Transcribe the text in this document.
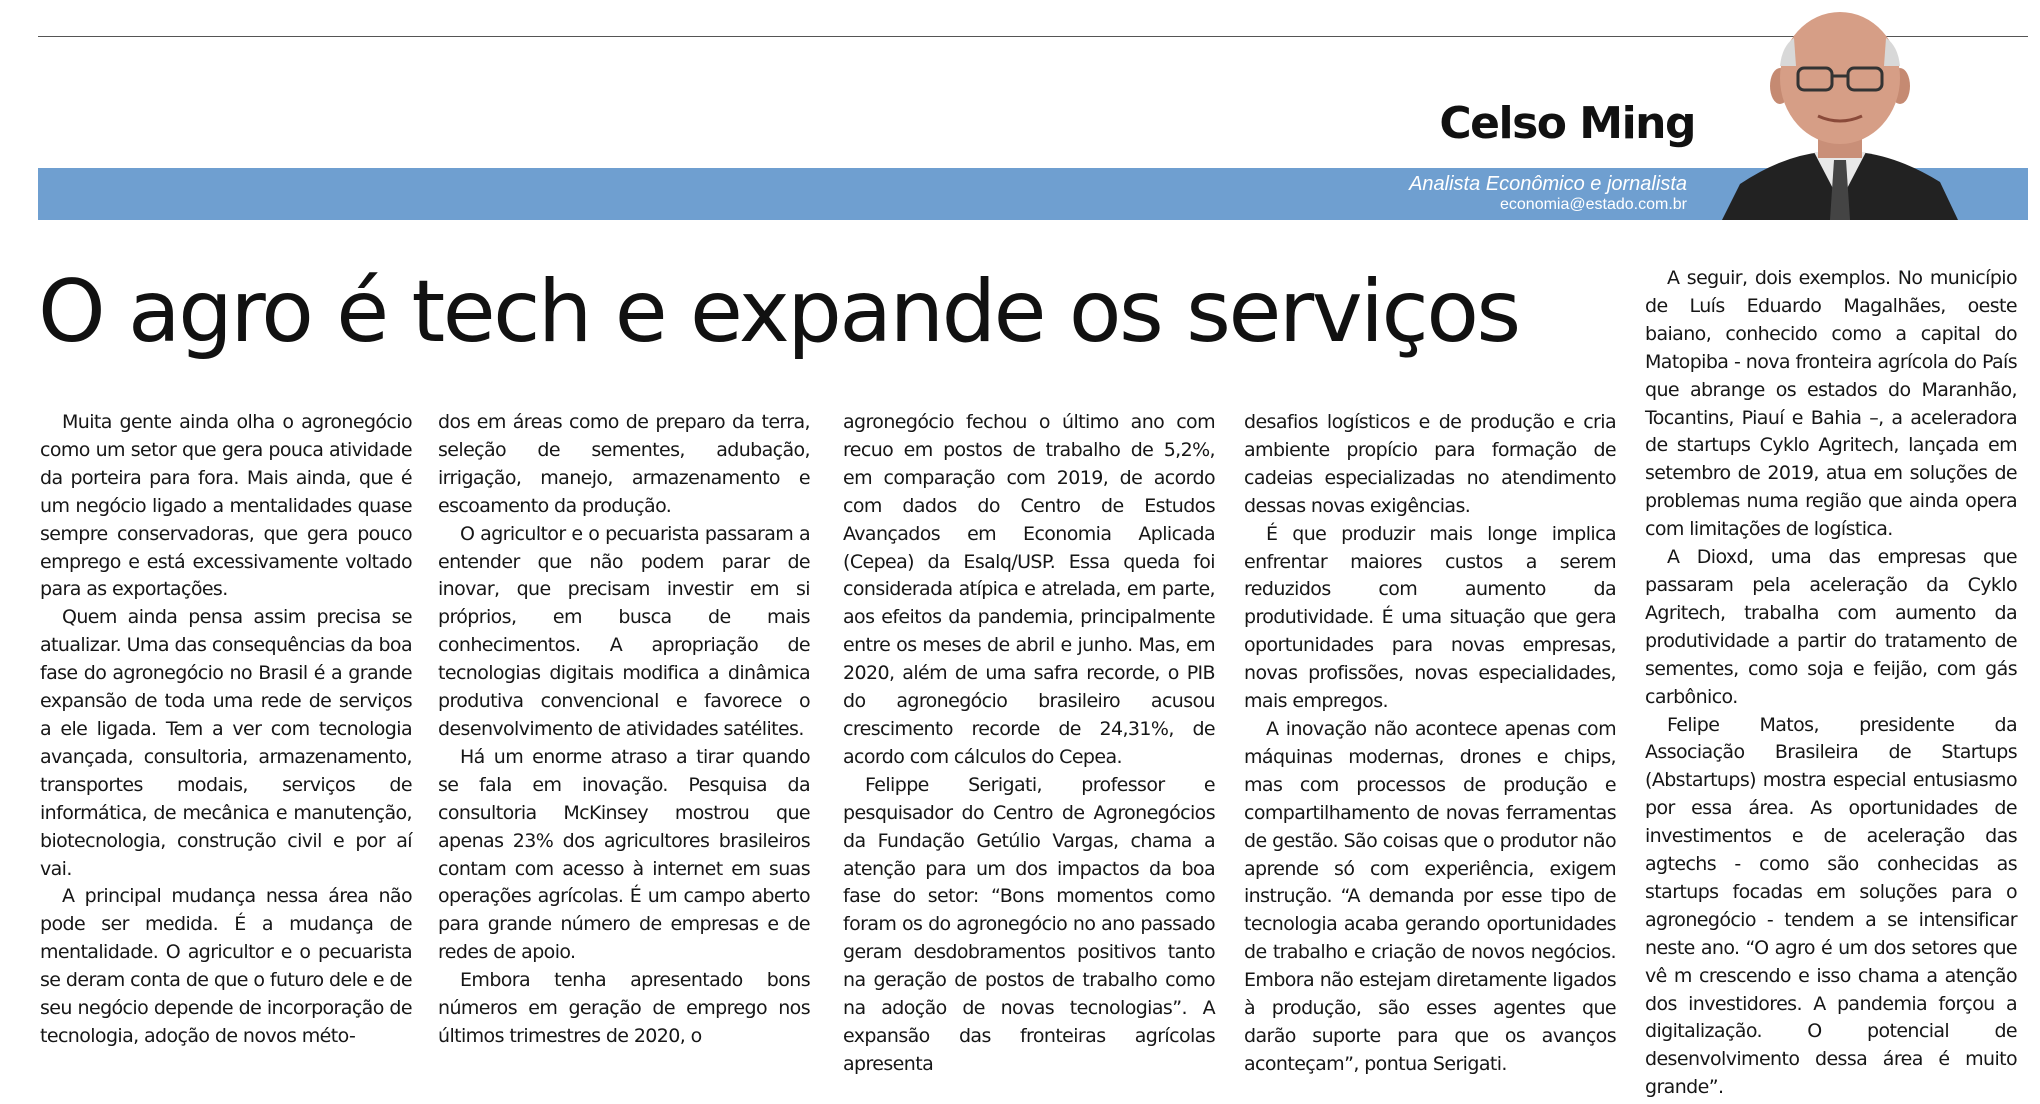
Celso Ming
Analista Econômico e jornalista
economia@estado.com.br
O agro é tech e expande os serviços

Muita gente ainda olha o agronegócio como um setor que gera pouca atividade da porteira para fora. Mais ainda, que é um negócio ligado a mentalidades quase sempre conservadoras, que gera pouco emprego e está excessivamente voltado para as exportações.

Quem ainda pensa assim precisa se atualizar. Uma das consequências da boa fase do agronegócio no Brasil é a grande expansão de toda uma rede de serviços a ele ligada. Tem a ver com tecnologia avançada, consultoria, armazenamento, transportes modais, serviços de informática, de mecânica e manutenção, biotecnologia, construção civil e por aí vai.

A principal mudança nessa área não pode ser medida. É a mudança de mentalidade. O agricultor e o pecuarista se deram conta de que o futuro dele e de seu negócio depende de incorporação de tecnologia, adoção de novos méto-

dos em áreas como de preparo da terra, seleção de sementes, adubação, irrigação, manejo, armazenamento e escoamento da produção.

O agricultor e o pecuarista passaram a entender que não podem parar de inovar, que precisam investir em si próprios, em busca de mais conhecimentos. A apropriação de tecnologias digitais modifica a dinâmica produtiva convencional e favorece o desenvolvimento de atividades satélites.

Há um enorme atraso a tirar quando se fala em inovação. Pesquisa da consultoria McKinsey mostrou que apenas 23% dos agricultores brasileiros contam com acesso à internet em suas operações agrícolas. É um campo aberto para grande número de empresas e de redes de apoio.

Embora tenha apresentado bons números em geração de emprego nos últimos trimestres de 2020, o

agronegócio fechou o último ano com recuo em postos de trabalho de 5,2%, em comparação com 2019, de acordo com dados do Centro de Estudos Avançados em Economia Aplicada (Cepea) da Esalq/USP. Essa queda foi considerada atípica e atrelada, em parte, aos efeitos da pandemia, principalmente entre os meses de abril e junho. Mas, em 2020, além de uma safra recorde, o PIB do agronegócio brasileiro acusou crescimento recorde de 24,31%, de acordo com cálculos do Cepea.

Felippe Serigati, professor e pesquisador do Centro de Agronegócios da Fundação Getúlio Vargas, chama a atenção para um dos impactos da boa fase do setor: “Bons momentos como foram os do agronegócio no ano passado geram desdobramentos positivos tanto na geração de postos de trabalho como na adoção de novas tecnologias”. A expansão das fronteiras agrícolas apresenta

desafios logísticos e de produção e cria ambiente propício para formação de cadeias especializadas no atendimento dessas novas exigências.

É que produzir mais longe implica enfrentar maiores custos a serem reduzidos com aumento da produtividade. É uma situação que gera oportunidades para novas empresas, novas profissões, novas especialidades, mais empregos.

A inovação não acontece apenas com máquinas modernas, drones e chips, mas com processos de produção e compartilhamento de novas ferramentas de gestão. São coisas que o produtor não aprende só com experiência, exigem instrução. “A demanda por esse tipo de tecnologia acaba gerando oportunidades de trabalho e criação de novos negócios. Embora não estejam diretamente ligados à produção, são esses agentes que darão suporte para que os avanços aconteçam”, pontua Serigati.

A seguir, dois exemplos. No município de Luís Eduardo Magalhães, oeste baiano, conhecido como a capital do Matopiba - nova fronteira agrícola do País que abrange os estados do Maranhão, Tocantins, Piauí e Bahia –, a aceleradora de startups Cyklo Agritech, lançada em setembro de 2019, atua em soluções de problemas numa região que ainda opera com limitações de logística.

A Dioxd, uma das empresas que passaram pela aceleração da Cyklo Agritech, trabalha com aumento da produtividade a partir do tratamento de sementes, como soja e feijão, com gás carbônico.

Felipe Matos, presidente da Associação Brasileira de Startups (Abstartups) mostra especial entusiasmo por essa área. As oportunidades de investimentos e de aceleração das agtechs - como são conhecidas as startups focadas em soluções para o agronegócio - tendem a se intensificar neste ano. “O agro é um dos setores que vê m crescendo e isso chama a atenção dos investidores. A pandemia forçou a digitalização. O potencial de desenvolvimento dessa área é muito grande”.
